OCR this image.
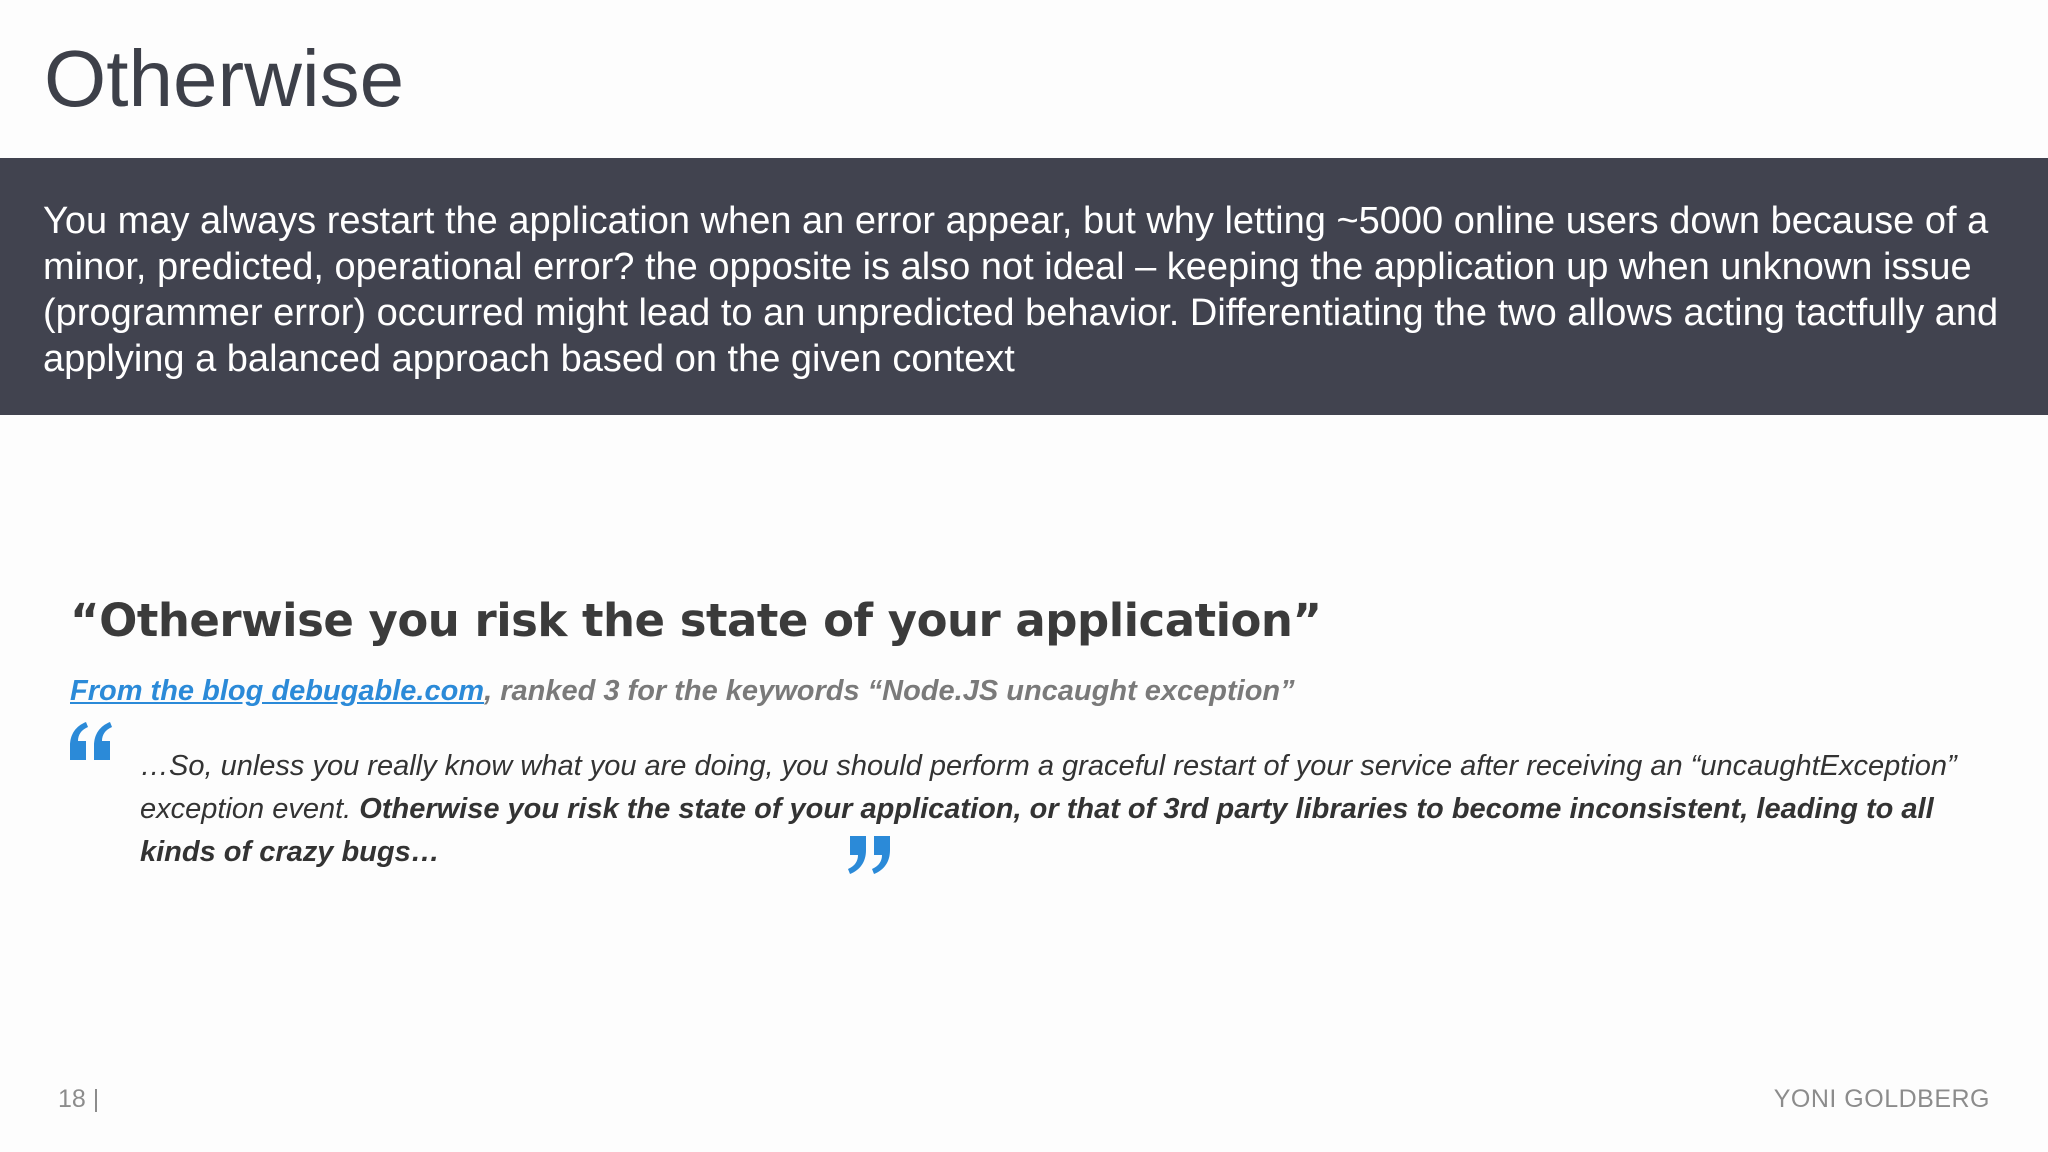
Otherwise
You may always restart the application when an error appear, but why letting ~5000 online users down because of a minor, predicted, operational error? the opposite is also not ideal – keeping the application up when unknown issue (programmer error) occurred might lead to an unpredicted behavior. Differentiating the two allows acting tactfully and applying a balanced approach based on the given context
“Otherwise you risk the state of your application”
From the blog debugable.com, ranked 3 for the keywords “Node.JS uncaught exception”
…So, unless you really know what you are doing, you should perform a graceful restart of your service after receiving an “uncaughtException” exception event. Otherwise you risk the state of your application, or that of 3rd party libraries to become inconsistent, leading to all kinds of crazy bugs…
18 |	YONI GOLDBERG
